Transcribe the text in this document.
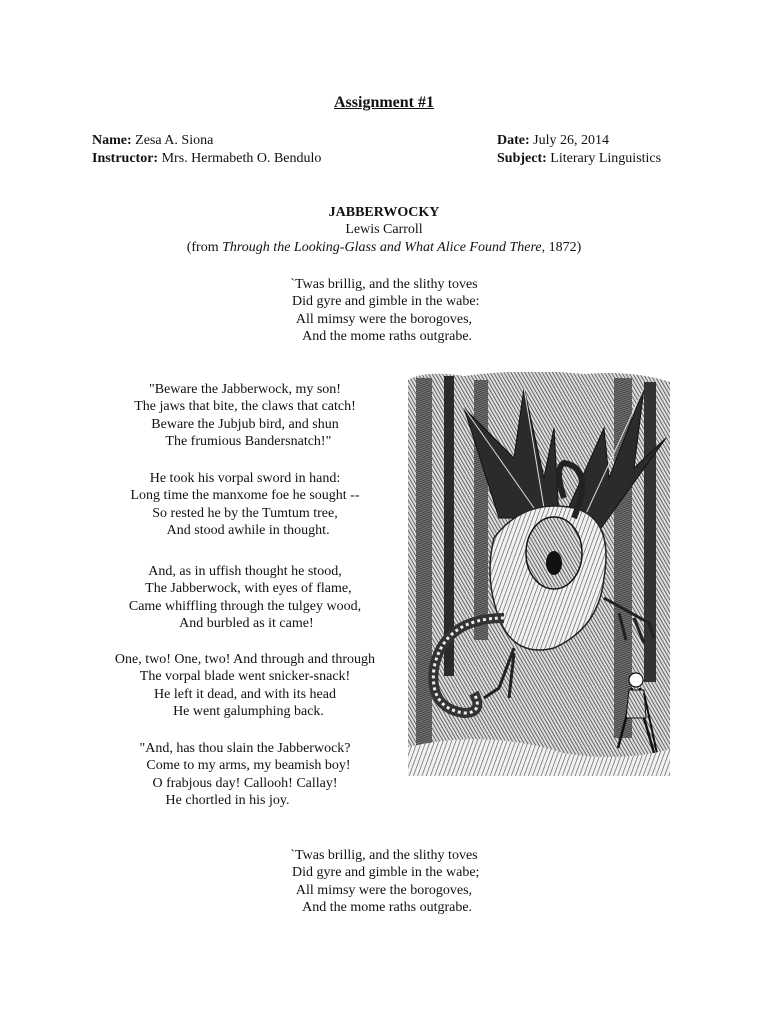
Assignment #1
Name: Zesa A. Siona
Instructor: Mrs. Hermabeth O. Bendulo
Date: July 26, 2014
Subject: Literary Linguistics
JABBERWOCKY
Lewis Carroll
(from Through the Looking-Glass and What Alice Found There, 1872)
`Twas brillig, and the slithy toves
Did gyre and gimble in the wabe:
All mimsy were the borogoves,
And the mome raths outgrabe.
"Beware the Jabberwock, my son!
The jaws that bite, the claws that catch!
Beware the Jubjub bird, and shun
The frumious Bandersnatch!"
He took his vorpal sword in hand:
Long time the manxome foe he sought --
So rested he by the Tumtum tree,
And stood awhile in thought.
And, as in uffish thought he stood,
The Jabberwock, with eyes of flame,
Came whiffling through the tulgey wood,
And burbled as it came!
One, two! One, two! And through and through
The vorpal blade went snicker-snack!
He left it dead, and with its head
He went galumphing back.
"And, has thou slain the Jabberwock?
Come to my arms, my beamish boy!
O frabjous day! Callooh! Callay!
He chortled in his joy.
`Twas brillig, and the slithy toves
Did gyre and gimble in the wabe;
All mimsy were the borogoves,
And the mome raths outgrabe.
